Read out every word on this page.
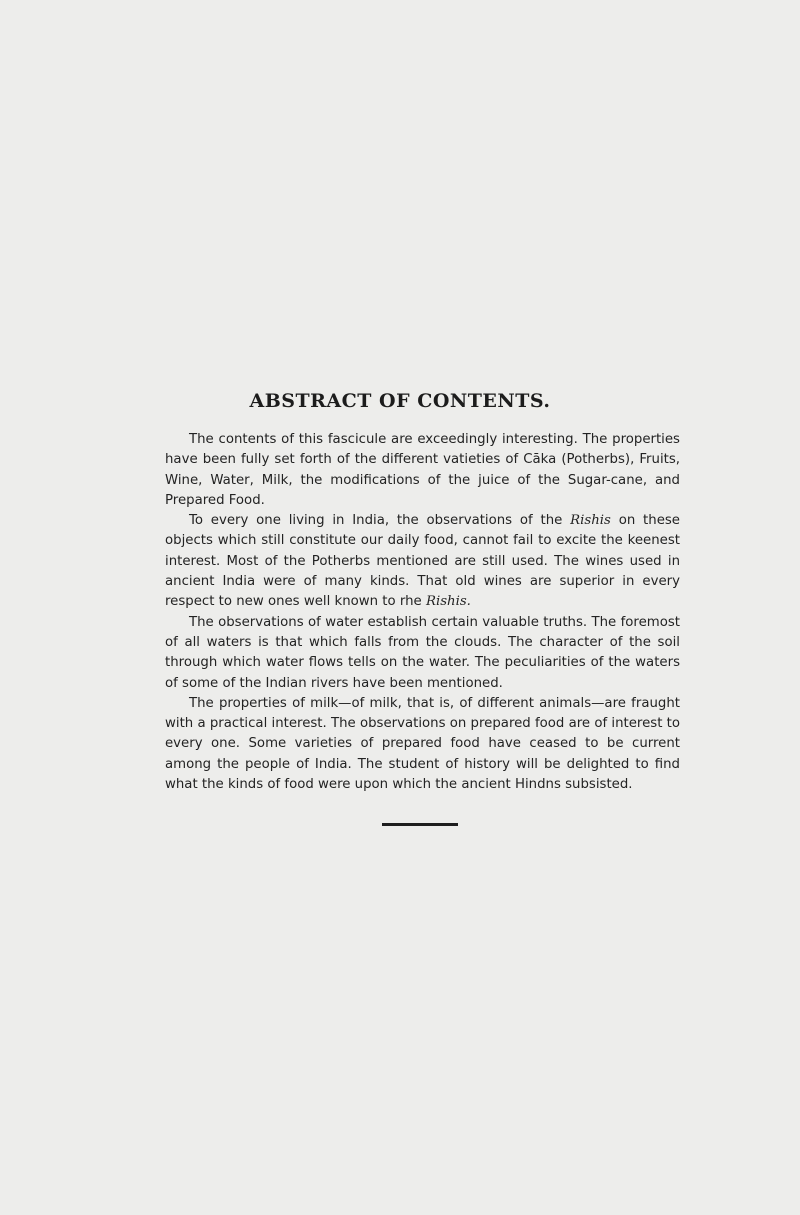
ABSTRACT OF CONTENTS.

The contents of this fascicule are exceedingly interesting. The properties have been fully set forth of the different vatieties of Cāka (Potherbs), Fruits, Wine, Water, Milk, the modifications of the juice of the Sugar-cane, and Prepared Food.

To every one living in India, the observations of the Rishis on these objects which still constitute our daily food, cannot fail to excite the keenest interest. Most of the Potherbs mentioned are still used. The wines used in ancient India were of many kinds. That old wines are superior in every respect to new ones well known to rhe Rishis.

The observations of water establish certain valuable truths. The foremost of all waters is that which falls from the clouds. The character of the soil through which water flows tells on the water. The peculiarities of the waters of some of the Indian rivers have been mentioned.

The properties of milk—of milk, that is, of different animals—are fraught with a practical interest. The observations on prepared food are of interest to every one. Some varieties of prepared food have ceased to be current among the people of India. The student of history will be delighted to find what the kinds of food were upon which the ancient Hindns subsisted.
